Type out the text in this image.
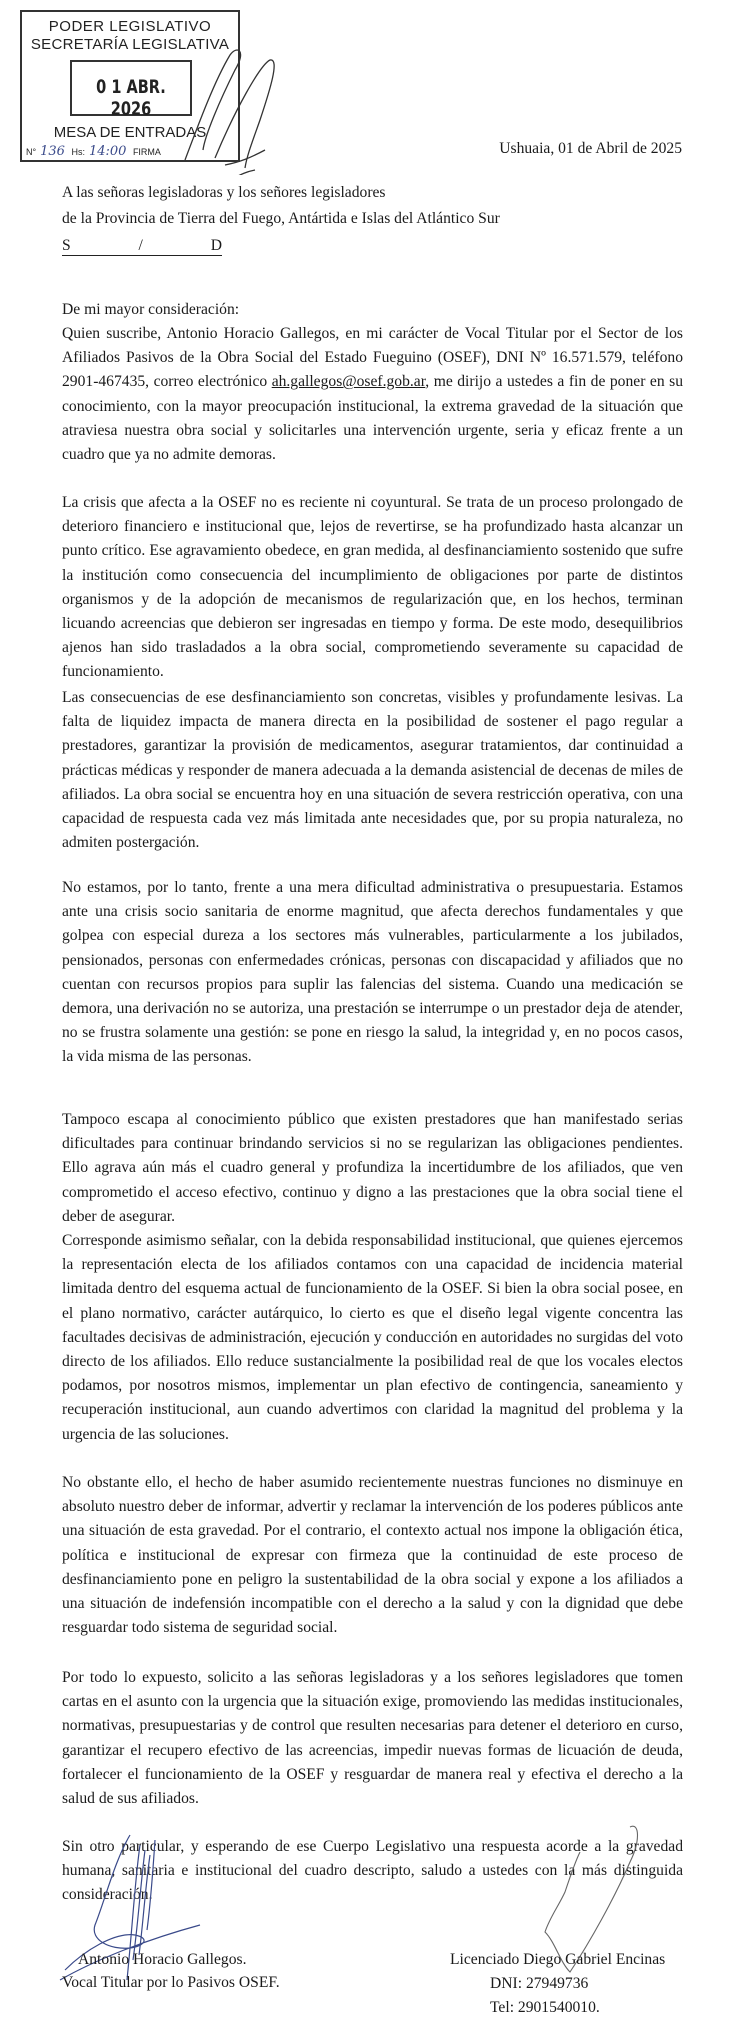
PODER LEGISLATIVO
SECRETARÍA LEGISLATIVA
0 1 ABR. 2026
MESA DE ENTRADAS
N° 136 Hs: 14:00 FIRMA	Ushuaia, 01 de Abril de 2025
A las señoras legisladoras y los señores legisladores
de la Provincia de Tierra del Fuego, Antártida e Islas del Atlántico Sur
S	/	D

De mi mayor consideración:

Quien suscribe, Antonio Horacio Gallegos, en mi carácter de Vocal Titular por el Sector de los Afiliados Pasivos de la Obra Social del Estado Fueguino (OSEF), DNI Nº 16.571.579, teléfono 2901-467435, correo electrónico ah.gallegos@osef.gob.ar, me dirijo a ustedes a fin de poner en su conocimiento, con la mayor preocupación institucional, la extrema gravedad de la situación que atraviesa nuestra obra social y solicitarles una intervención urgente, seria y eficaz frente a un cuadro que ya no admite demoras.

La crisis que afecta a la OSEF no es reciente ni coyuntural. Se trata de un proceso prolongado de deterioro financiero e institucional que, lejos de revertirse, se ha profundizado hasta alcanzar un punto crítico. Ese agravamiento obedece, en gran medida, al desfinanciamiento sostenido que sufre la institución como consecuencia del incumplimiento de obligaciones por parte de distintos organismos y de la adopción de mecanismos de regularización que, en los hechos, terminan licuando acreencias que debieron ser ingresadas en tiempo y forma. De este modo, desequilibrios ajenos han sido trasladados a la obra social, comprometiendo severamente su capacidad de funcionamiento.

Las consecuencias de ese desfinanciamiento son concretas, visibles y profundamente lesivas. La falta de liquidez impacta de manera directa en la posibilidad de sostener el pago regular a prestadores, garantizar la provisión de medicamentos, asegurar tratamientos, dar continuidad a prácticas médicas y responder de manera adecuada a la demanda asistencial de decenas de miles de afiliados. La obra social se encuentra hoy en una situación de severa restricción operativa, con una capacidad de respuesta cada vez más limitada ante necesidades que, por su propia naturaleza, no admiten postergación.

No estamos, por lo tanto, frente a una mera dificultad administrativa o presupuestaria. Estamos ante una crisis socio sanitaria de enorme magnitud, que afecta derechos fundamentales y que golpea con especial dureza a los sectores más vulnerables, particularmente a los jubilados, pensionados, personas con enfermedades crónicas, personas con discapacidad y afiliados que no cuentan con recursos propios para suplir las falencias del sistema. Cuando una medicación se demora, una derivación no se autoriza, una prestación se interrumpe o un prestador deja de atender, no se frustra solamente una gestión: se pone en riesgo la salud, la integridad y, en no pocos casos, la vida misma de las personas.

Tampoco escapa al conocimiento público que existen prestadores que han manifestado serias dificultades para continuar brindando servicios si no se regularizan las obligaciones pendientes. Ello agrava aún más el cuadro general y profundiza la incertidumbre de los afiliados, que ven comprometido el acceso efectivo, continuo y digno a las prestaciones que la obra social tiene el deber de asegurar.

Corresponde asimismo señalar, con la debida responsabilidad institucional, que quienes ejercemos la representación electa de los afiliados contamos con una capacidad de incidencia material limitada dentro del esquema actual de funcionamiento de la OSEF. Si bien la obra social posee, en el plano normativo, carácter autárquico, lo cierto es que el diseño legal vigente concentra las facultades decisivas de administración, ejecución y conducción en autoridades no surgidas del voto directo de los afiliados. Ello reduce sustancialmente la posibilidad real de que los vocales electos podamos, por nosotros mismos, implementar un plan efectivo de contingencia, saneamiento y recuperación institucional, aun cuando advertimos con claridad la magnitud del problema y la urgencia de las soluciones.

No obstante ello, el hecho de haber asumido recientemente nuestras funciones no disminuye en absoluto nuestro deber de informar, advertir y reclamar la intervención de los poderes públicos ante una situación de esta gravedad. Por el contrario, el contexto actual nos impone la obligación ética, política e institucional de expresar con firmeza que la continuidad de este proceso de desfinanciamiento pone en peligro la sustentabilidad de la obra social y expone a los afiliados a una situación de indefensión incompatible con el derecho a la salud y con la dignidad que debe resguardar todo sistema de seguridad social.

Por todo lo expuesto, solicito a las señoras legisladoras y a los señores legisladores que tomen cartas en el asunto con la urgencia que la situación exige, promoviendo las medidas institucionales, normativas, presupuestarias y de control que resulten necesarias para detener el deterioro en curso, garantizar el recupero efectivo de las acreencias, impedir nuevas formas de licuación de deuda, fortalecer el funcionamiento de la OSEF y resguardar de manera real y efectiva el derecho a la salud de sus afiliados.

Sin otro particular, y esperando de ese Cuerpo Legislativo una respuesta acorde a la gravedad humana, sanitaria e institucional del cuadro descripto, saludo a ustedes con la más distinguida consideración.

Antonio Horacio Gallegos.
Vocal Titular por lo Pasivos OSEF.
Licenciado Diego Gabriel Encinas
DNI: 27949736
Tel: 2901540010.
